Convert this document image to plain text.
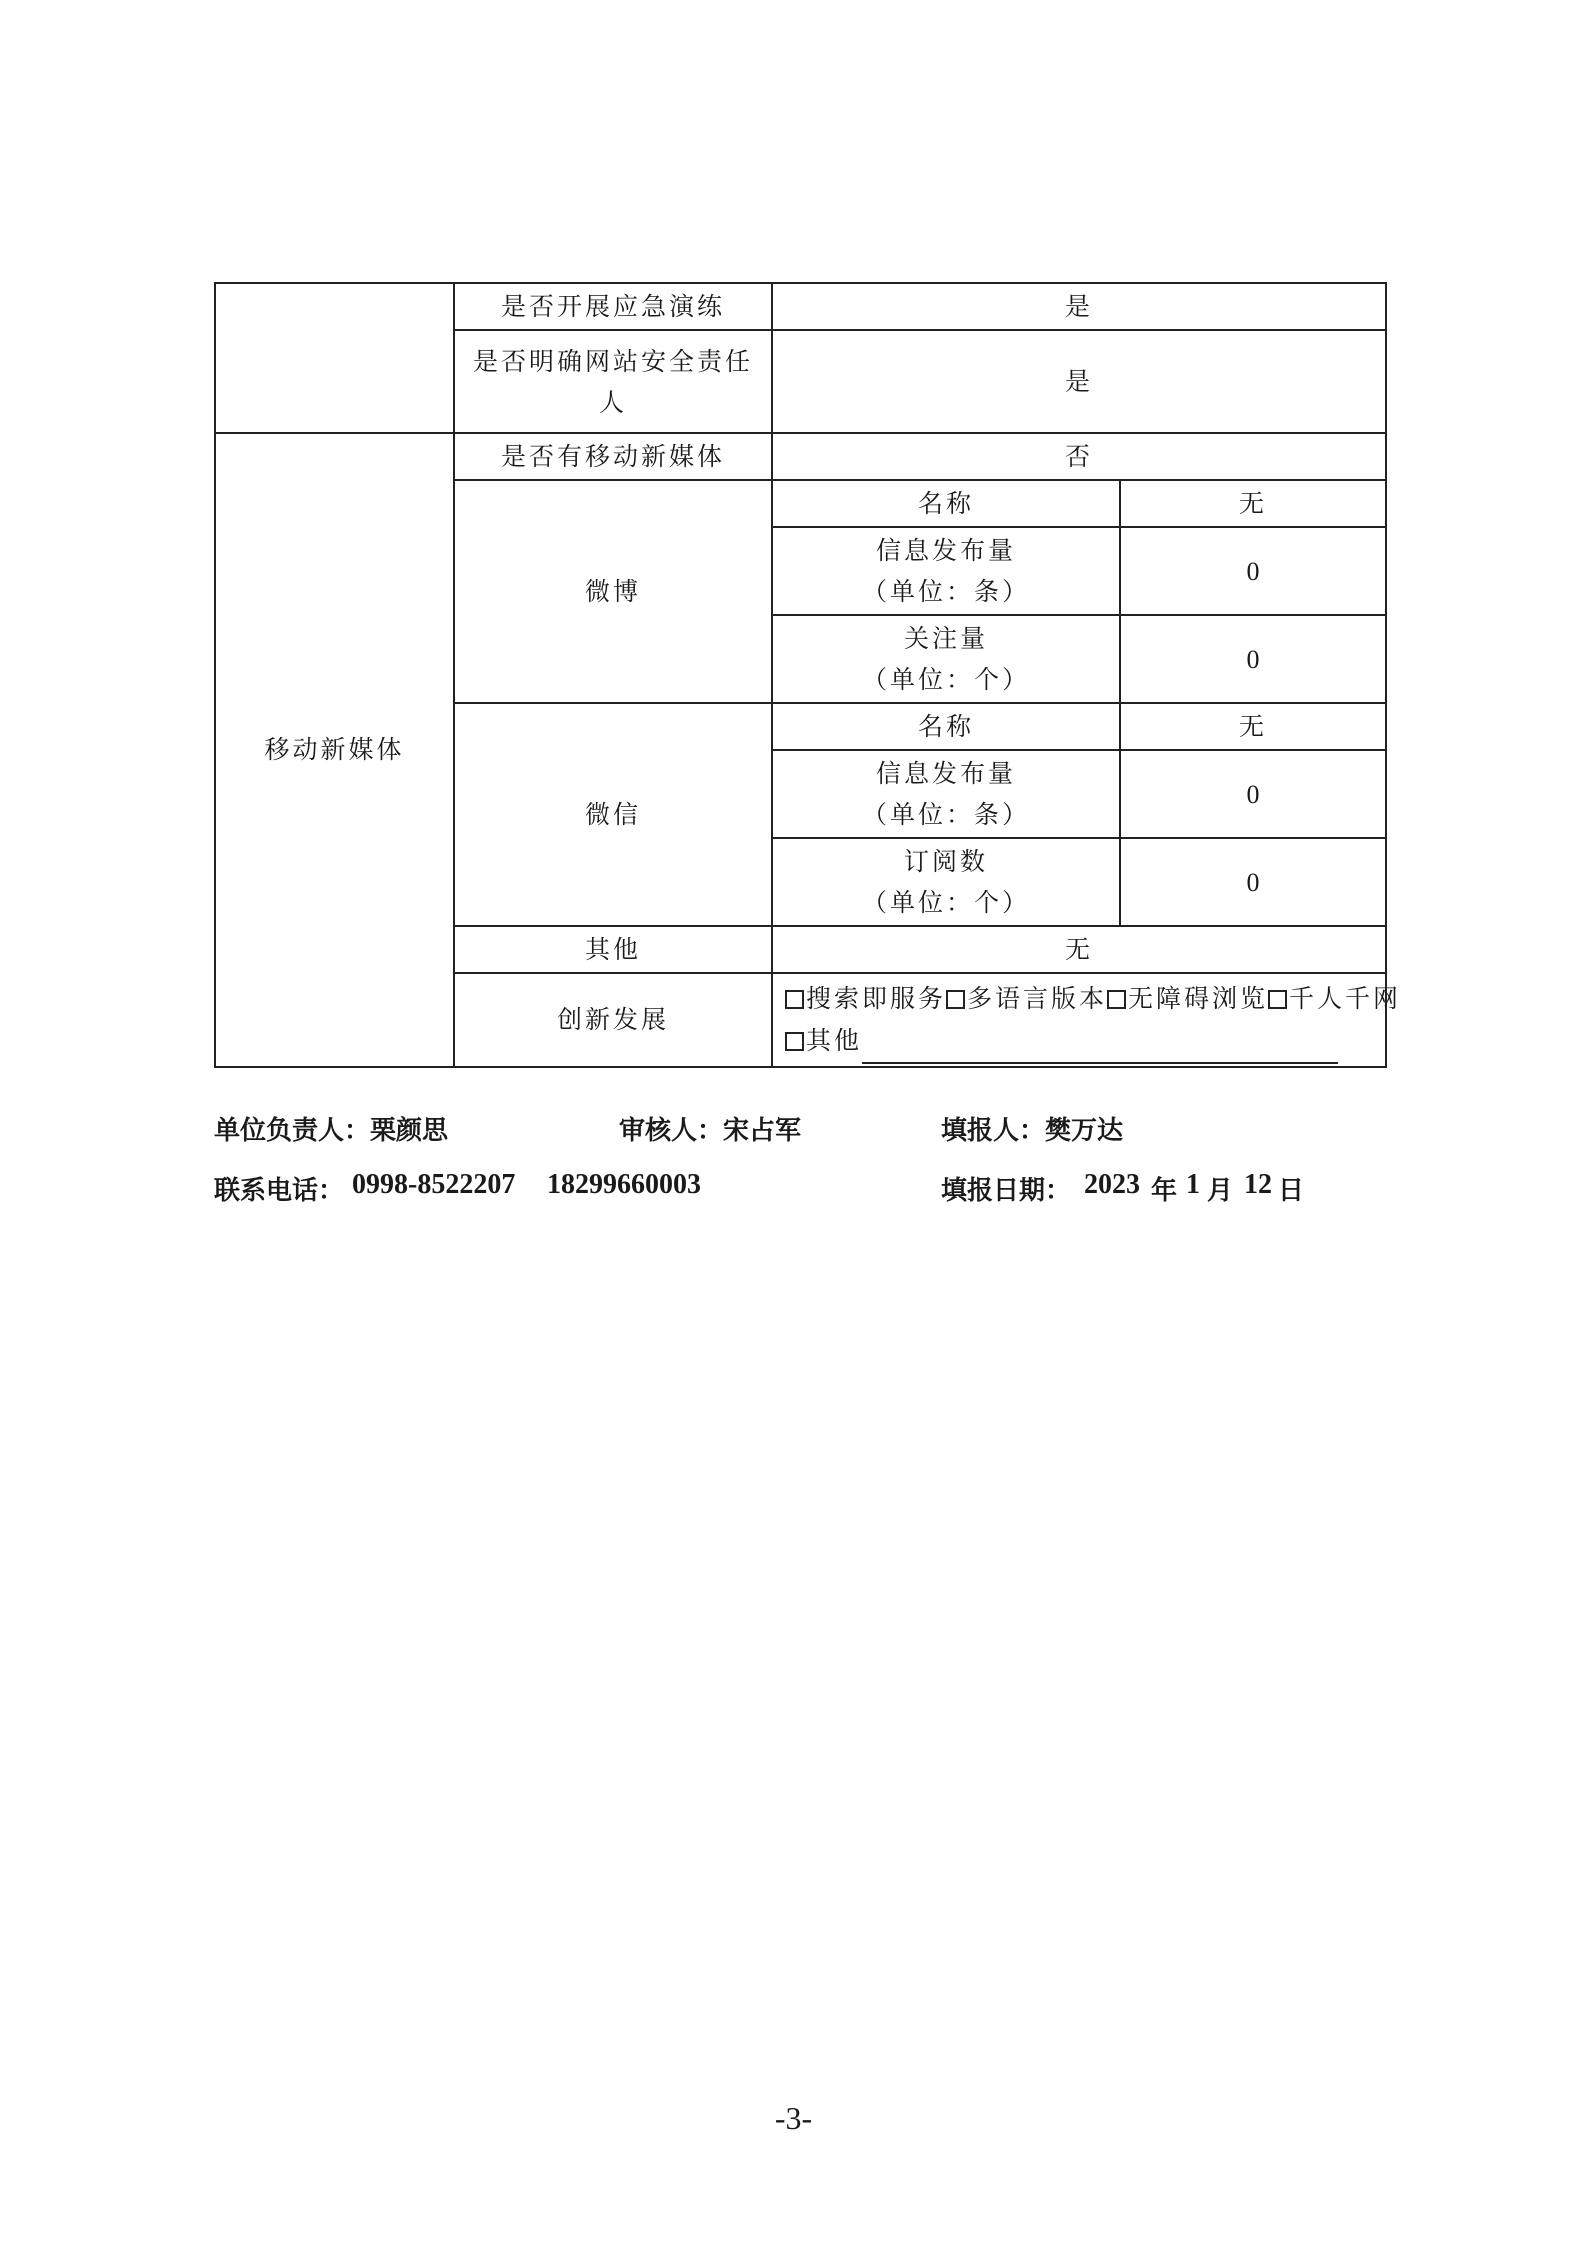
	是否开展应急演练	是	
	是否明确网站安全责任人	是	
移动新媒体	是否有移动新媒体	否	
	微博	名称	无

		信息发布量
（单位：条）	0

		关注量
（单位：个）	0
	微信	名称	无

		信息发布量
（单位：条）	0

		订阅数
（单位：个）	0
	其他	无	
	创新发展	搜索即服务 多语言版本 无障碍浏览 千人千网
其他	
单位负责人：栗颜思	审核人：宋占军	填报人：樊万达
联系电话： 0998-8522207 18299660003	填报日期： 2023 年 1 月 12 日
-3-
